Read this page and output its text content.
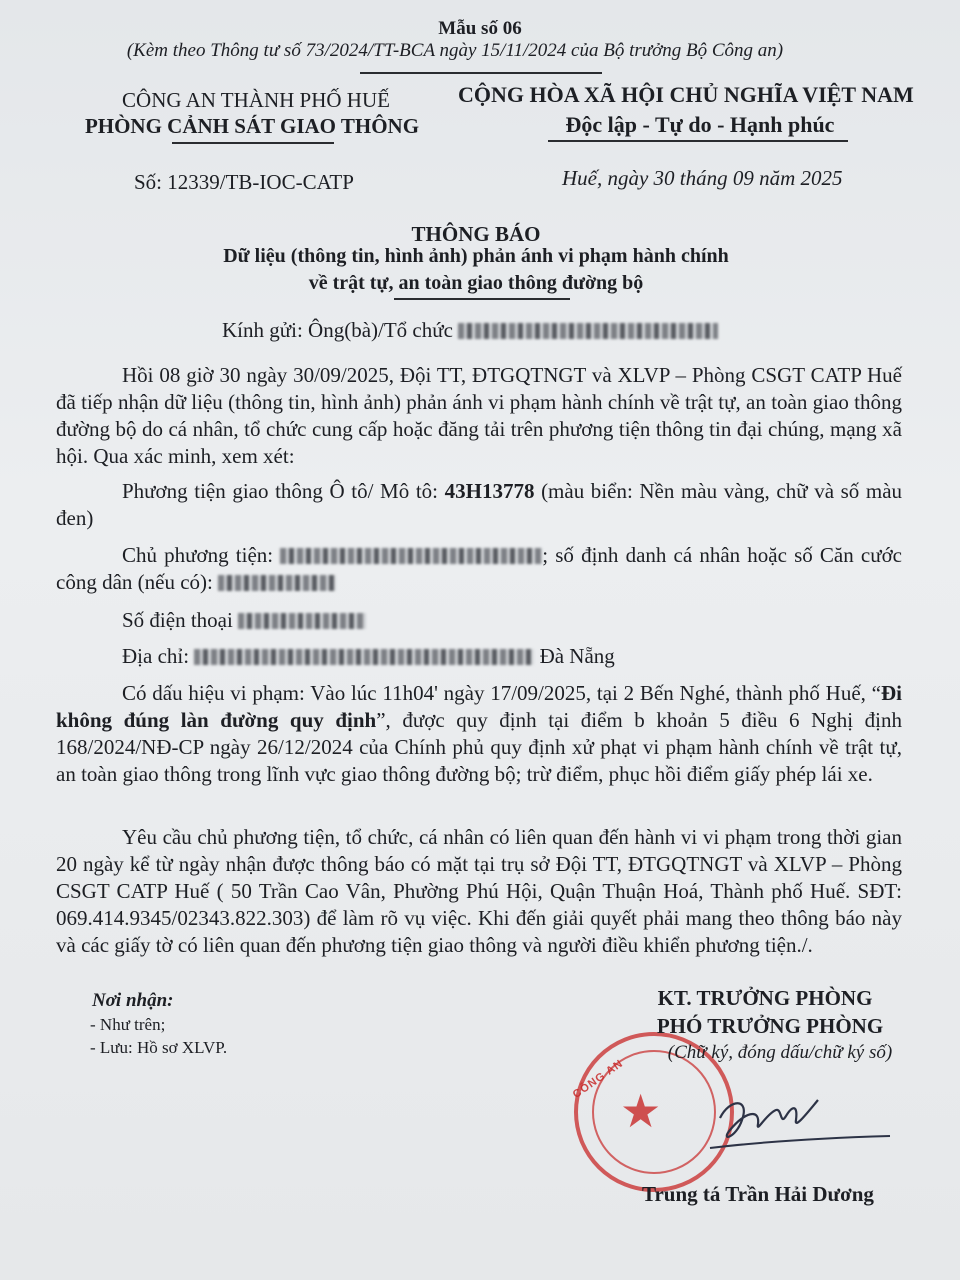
Mẫu số 06
(Kèm theo Thông tư số 73/2024/TT-BCA ngày 15/11/2024 của Bộ trưởng Bộ Công an)
CÔNG AN THÀNH PHỐ HUẾ
PHÒNG CẢNH SÁT GIAO THÔNG
Số: 12339/TB-IOC-CATP
CỘNG HÒA XÃ HỘI CHỦ NGHĨA VIỆT NAM
Độc lập - Tự do - Hạnh phúc
Huế, ngày 30 tháng 09 năm 2025
THÔNG BÁO
Dữ liệu (thông tin, hình ảnh) phản ánh vi phạm hành chính
về trật tự, an toàn giao thông đường bộ
Kính gửi: Ông(bà)/Tổ chức
Hồi 08 giờ 30 ngày 30/09/2025, Đội TT, ĐTGQTNGT và XLVP – Phòng CSGT CATP Huế đã tiếp nhận dữ liệu (thông tin, hình ảnh) phản ánh vi phạm hành chính về trật tự, an toàn giao thông đường bộ do cá nhân, tổ chức cung cấp hoặc đăng tải trên phương tiện thông tin đại chúng, mạng xã hội. Qua xác minh, xem xét:
Phương tiện giao thông Ô tô/ Mô tô: 43H13778 (màu biển: Nền màu vàng, chữ và số màu đen)
Chủ phương tiện:	; số định danh cá nhân hoặc số Căn cước công dân (nếu có):
Số điện thoại
Địa chỉ:	Đà Nẵng
Có dấu hiệu vi phạm: Vào lúc 11h04' ngày 17/09/2025, tại 2 Bến Nghé, thành phố Huế, “Đi không đúng làn đường quy định”, được quy định tại điểm b khoản 5 điều 6 Nghị định 168/2024/NĐ-CP ngày 26/12/2024 của Chính phủ quy định xử phạt vi phạm hành chính về trật tự, an toàn giao thông trong lĩnh vực giao thông đường bộ; trừ điểm, phục hồi điểm giấy phép lái xe.
Yêu cầu chủ phương tiện, tổ chức, cá nhân có liên quan đến hành vi vi phạm trong thời gian 20 ngày kể từ ngày nhận được thông báo có mặt tại trụ sở Đội TT, ĐTGQTNGT và XLVP – Phòng CSGT CATP Huế ( 50 Trần Cao Vân, Phường Phú Hội, Quận Thuận Hoá, Thành phố Huế. SĐT: 069.414.9345/02343.822.303) để làm rõ vụ việc. Khi đến giải quyết phải mang theo thông báo này và các giấy tờ có liên quan đến phương tiện giao thông và người điều khiển phương tiện./.
Nơi nhận:
- Như trên;
- Lưu: Hồ sơ XLVP.
CÔNG AN
★
KT. TRƯỞNG PHÒNG
PHÓ TRƯỞNG PHÒNG
(Chữ ký, đóng dấu/chữ ký số)
Trung tá Trần Hải Dương
